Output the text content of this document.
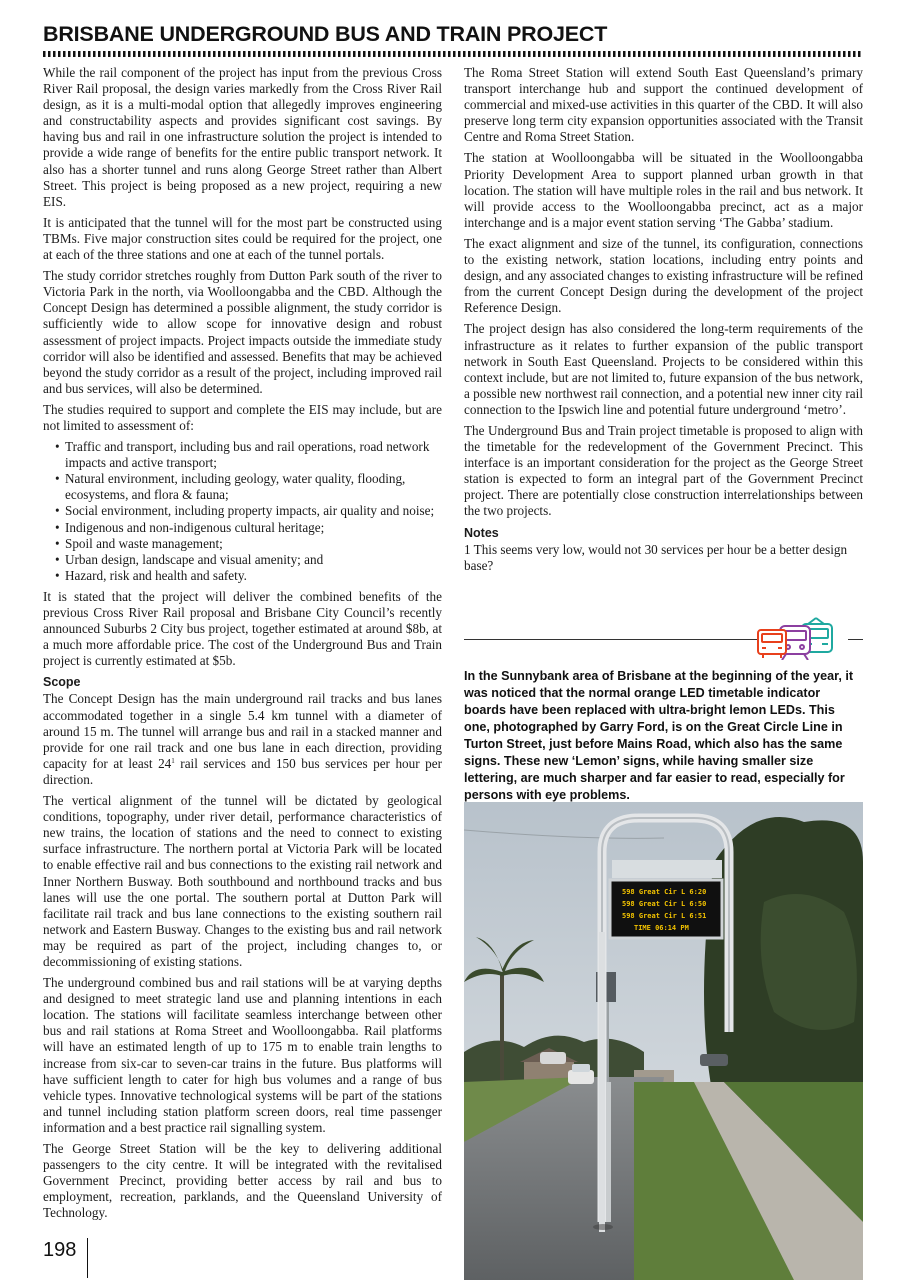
BRISBANE UNDERGROUND BUS AND TRAIN PROJECT

While the rail component of the project has input from the previous Cross River Rail proposal, the design varies markedly from the Cross River Rail design, as it is a multi-modal option that allegedly improves engineering and constructability aspects and provides significant cost savings. By having bus and rail in one infrastructure solution the project is intended to provide a wide range of benefits for the entire public transport network. It also has a shorter tunnel and runs along George Street rather than Albert Street. This project is being proposed as a new project, requiring a new EIS.

It is anticipated that the tunnel will for the most part be constructed using TBMs. Five major construction sites could be required for the project, one at each of the three stations and one at each of the tunnel portals.

The study corridor stretches roughly from Dutton Park south of the river to Victoria Park in the north, via Woolloongabba and the CBD. Although the Concept Design has determined a possible alignment, the study corridor is sufficiently wide to allow scope for innovative design and robust assessment of project impacts. Project impacts outside the immediate study corridor will also be identified and assessed. Benefits that may be achieved beyond the study corridor as a result of the project, including improved rail and bus services, will also be determined.

The studies required to support and complete the EIS may include, but are not limited to assessment of:

• Traffic and transport, including bus and rail operations, road network impacts and active transport;
• Natural environment, including geology, water quality, flooding, ecosystems, and flora & fauna;
• Social environment, including property impacts, air quality and noise;
• Indigenous and non-indigenous cultural heritage;
• Spoil and waste management;
• Urban design, landscape and visual amenity; and
• Hazard, risk and health and safety.

It is stated that the project will deliver the combined benefits of the previous Cross River Rail proposal and Brisbane City Council’s recently announced Suburbs 2 City bus project, together estimated at around $8b, at a much more affordable price. The cost of the Underground Bus and Train project is currently estimated at $5b.

Scope

The Concept Design has the main underground rail tracks and bus lanes accommodated together in a single 5.4 km tunnel with a diameter of around 15 m. The tunnel will arrange bus and rail in a stacked manner and provide for one rail track and one bus lane in each direction, providing capacity for at least $24^1$ rail services and 150 bus services per hour per direction.

The vertical alignment of the tunnel will be dictated by geological conditions, topography, under river detail, performance characteristics of new trains, the location of stations and the need to connect to existing surface infrastructure. The northern portal at Victoria Park will be located to enable effective rail and bus connections to the existing rail network and Inner Northern Busway. Both southbound and northbound tracks and bus lanes will use the one portal. The southern portal at Dutton Park will facilitate rail track and bus lane connections to the existing southern rail network and Eastern Busway. Changes to the existing bus and rail network may be required as part of the project, including changes to, or decommissioning of existing stations.

The underground combined bus and rail stations will be at varying depths and designed to meet strategic land use and planning intentions in each location. The stations will facilitate seamless interchange between other bus and rail stations at Roma Street and Woolloongabba. Rail platforms will have an estimated length of up to 175 m to enable train lengths to increase from six-car to seven-car trains in the future. Bus platforms will have sufficient length to cater for high bus volumes and a range of bus vehicle types. Innovative technological systems will be part of the stations and tunnel including station platform screen doors, real time passenger information and a best practice rail signalling system.

The George Street Station will be the key to delivering additional passengers to the city centre. It will be integrated with the revitalised Government Precinct, providing better access by rail and bus to employment, recreation, parklands, and the Queensland University of Technology.

The Roma Street Station will extend South East Queensland’s primary transport interchange hub and support the continued development of commercial and mixed-use activities in this quarter of the CBD. It will also preserve long term city expansion opportunities associated with the Transit Centre and Roma Street Station.

The station at Woolloongabba will be situated in the Woolloongabba Priority Development Area to support planned urban growth in that location. The station will have multiple roles in the rail and bus network. It will provide access to the Woolloongabba precinct, act as a major interchange and is a major event station serving ‘The Gabba’ stadium.

The exact alignment and size of the tunnel, its configuration, connections to the existing network, station locations, including entry points and design, and any associated changes to existing infrastructure will be refined from the current Concept Design during the development of the project Reference Design.

The project design has also considered the long-term requirements of the infrastructure as it relates to further expansion of the public transport network in South East Queensland. Projects to be considered within this context include, but are not limited to, future expansion of the bus network, a possible new northwest rail connection, and a potential new inner city rail connection to the Ipswich line and potential future underground ‘metro’.

The Underground Bus and Train project timetable is proposed to align with the timetable for the redevelopment of the Government Precinct. This interface is an important consideration for the project as the George Street station is expected to form an integral part of the Government Precinct project. There are potentially close construction interrelationships between the two projects.

Notes

1 This seems very low, would not 30 services per hour be a better design base?

In the Sunnybank area of Brisbane at the beginning of the year, it was noticed that the normal orange LED timetable indicator boards have been replaced with ultra-bright lemon LEDs. This one, photographed by Garry Ford, is on the Great Circle Line in Turton Street, just before Mains Road, which also has the same signs. These new ‘Lemon’ signs, while having smaller size lettering, are much sharper and far easier to read, especially for persons with eye problems.

598 Great Cir L 6:20
598 Great Cir L 6:50
598 Great Cir L 6:51
TIME 06:14 PM
198
